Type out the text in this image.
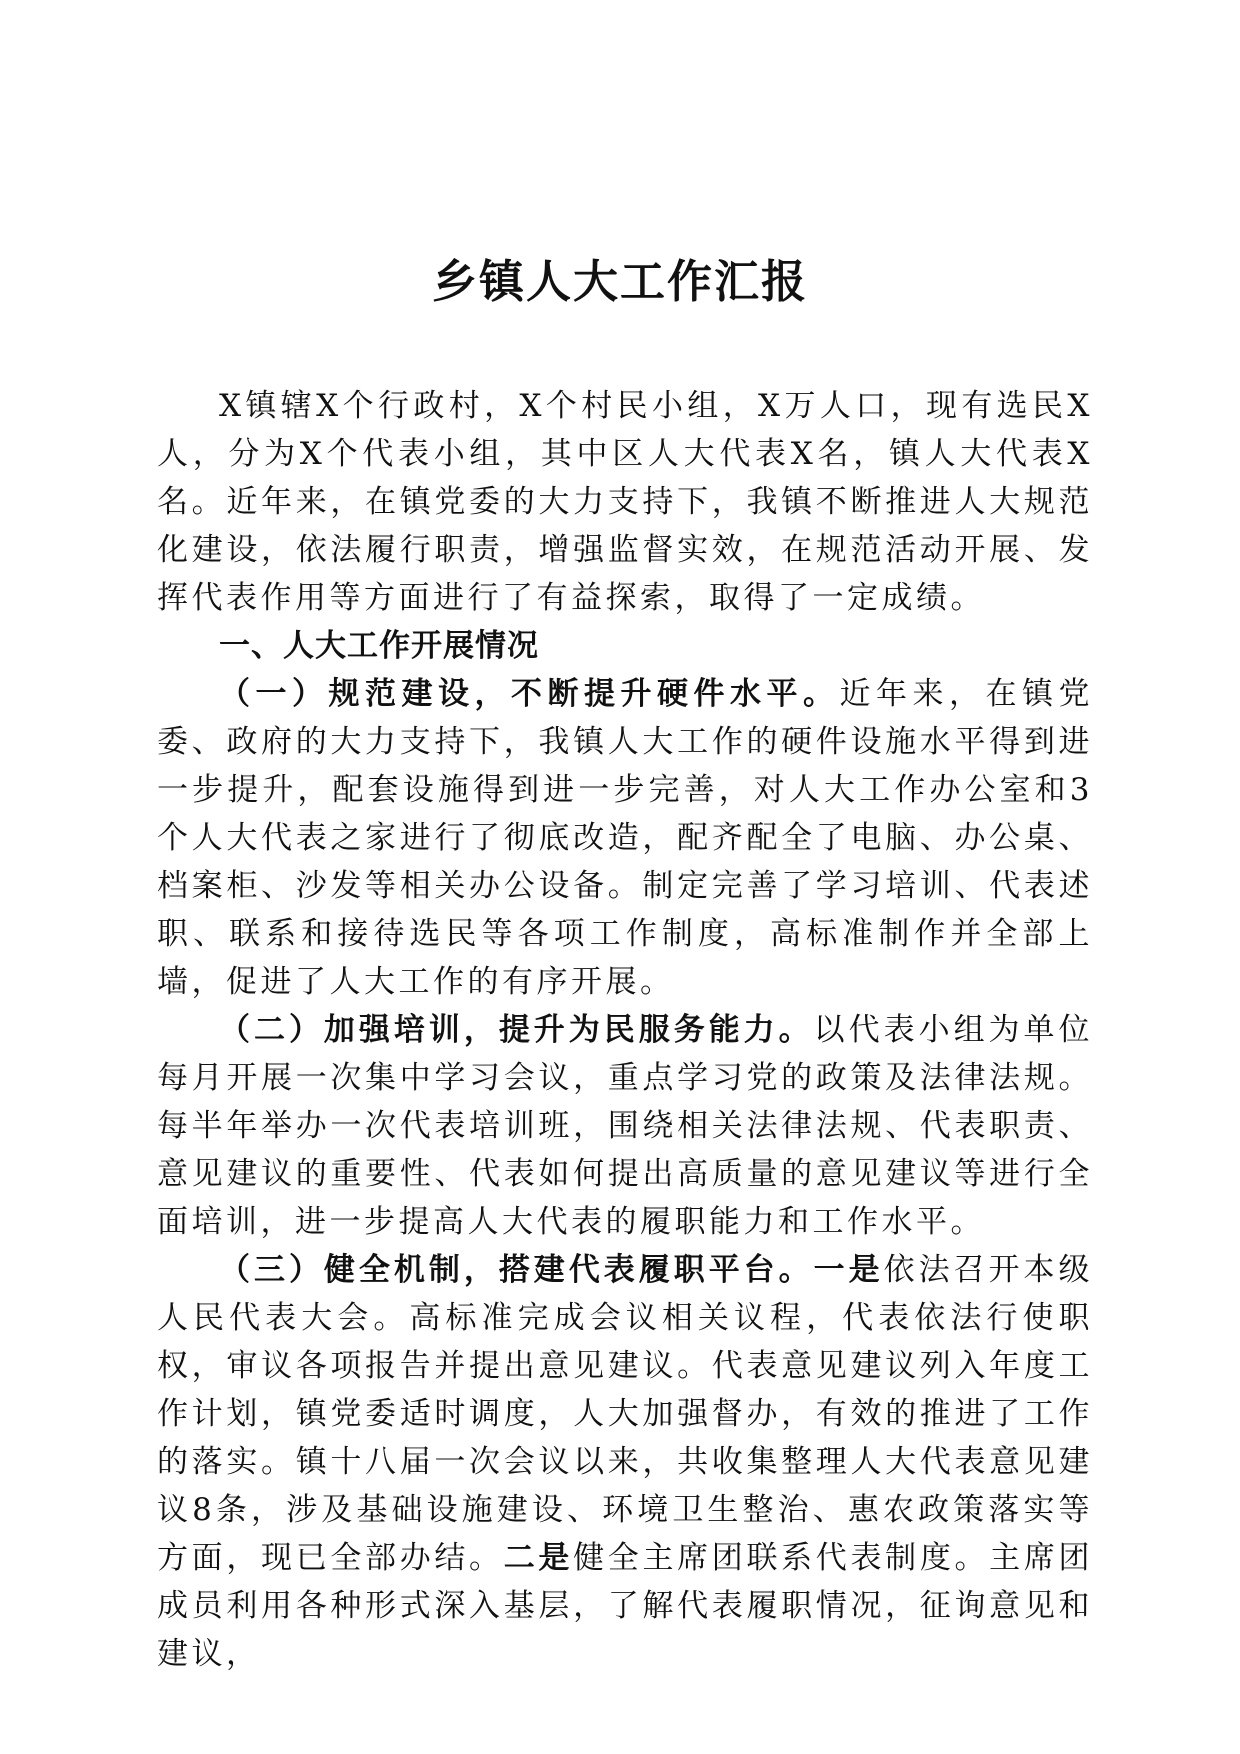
乡镇人大工作汇报

X镇辖X个行政村，X个村民小组，X万人口，现有选民X人，分为X个代表小组，其中区人大代表X名，镇人大代表X名。近年来，在镇党委的大力支持下，我镇不断推进人大规范化建设，依法履行职责，增强监督实效，在规范活动开展、发挥代表作用等方面进行了有益探索，取得了一定成绩。

一、人大工作开展情况

（一）规范建设，不断提升硬件水平。近年来，在镇党委、政府的大力支持下，我镇人大工作的硬件设施水平得到进一步提升，配套设施得到进一步完善，对人大工作办公室和3个人大代表之家进行了彻底改造，配齐配全了电脑、办公桌、档案柜、沙发等相关办公设备。制定完善了学习培训、代表述职、联系和接待选民等各项工作制度，高标准制作并全部上墙，促进了人大工作的有序开展。

（二）加强培训，提升为民服务能力。以代表小组为单位每月开展一次集中学习会议，重点学习党的政策及法律法规。每半年举办一次代表培训班，围绕相关法律法规、代表职责、意见建议的重要性、代表如何提出高质量的意见建议等进行全面培训，进一步提高人大代表的履职能力和工作水平。

（三）健全机制，搭建代表履职平台。一是依法召开本级人民代表大会。高标准完成会议相关议程，代表依法行使职权，审议各项报告并提出意见建议。代表意见建议列入年度工作计划，镇党委适时调度，人大加强督办，有效的推进了工作的落实。镇十八届一次会议以来，共收集整理人大代表意见建议8条，涉及基础设施建设、环境卫生整治、惠农政策落实等方面，现已全部办结。二是健全主席团联系代表制度。主席团成员利用各种形式深入基层，了解代表履职情况，征询意见和建议，
